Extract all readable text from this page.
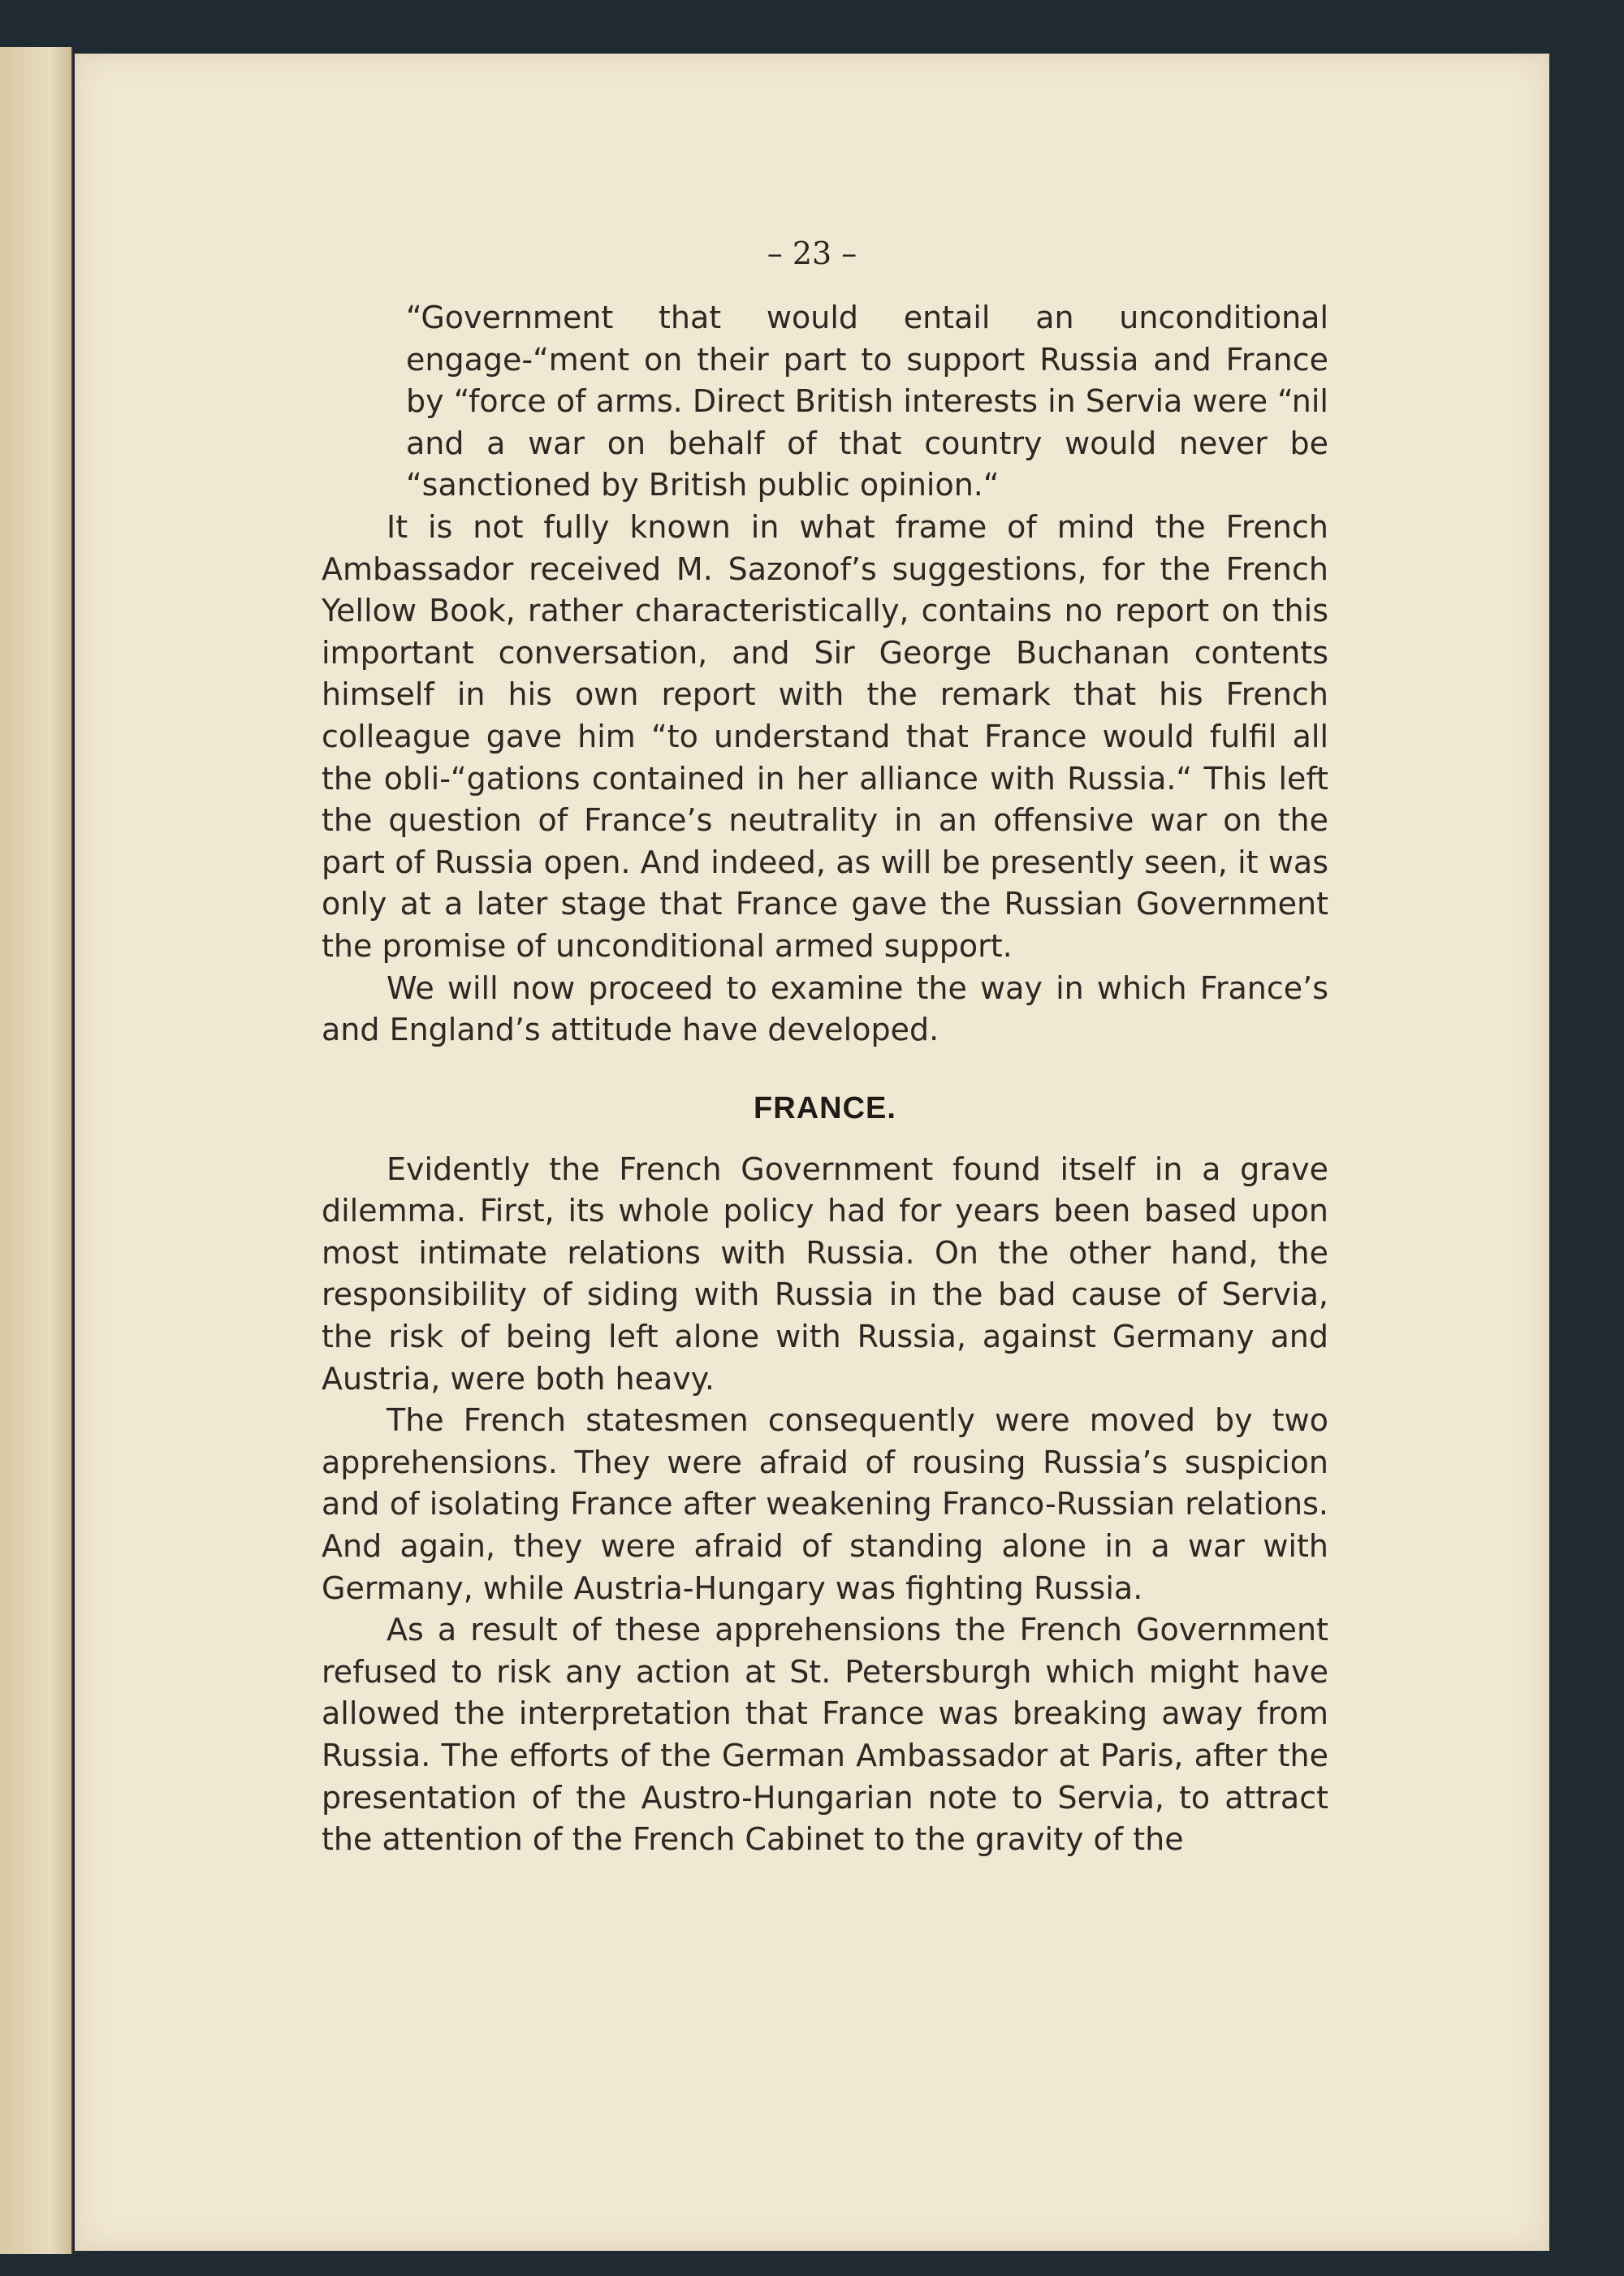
– 23 –

“Government that would entail an unconditional engage-“ment on their part to support Russia and France by “force of arms. Direct British interests in Servia were “nil and a war on behalf of that country would never be “sanctioned by British public opinion.“

It is not fully known in what frame of mind the French Ambassador received M. Sazonof’s suggestions, for the French Yellow Book, rather characteristically, contains no report on this important conversation, and Sir George Buchanan contents himself in his own report with the remark that his French colleague gave him “to understand that France would fulfil all the obli-“gations contained in her alliance with Russia.“ This left the question of France’s neutrality in an offensive war on the part of Russia open. And indeed, as will be presently seen, it was only at a later stage that France gave the Russian Government the promise of unconditional armed support.

We will now proceed to examine the way in which France’s and England’s attitude have developed.

FRANCE.

Evidently the French Government found itself in a grave dilemma. First, its whole policy had for years been based upon most intimate relations with Russia. On the other hand, the responsibility of siding with Russia in the bad cause of Servia, the risk of being left alone with Russia, against Germany and Austria, were both heavy.

The French statesmen consequently were moved by two apprehensions. They were afraid of rousing Russia’s suspicion and of isolating France after weakening Franco-Russian relations. And again, they were afraid of standing alone in a war with Germany, while Austria-Hungary was fighting Russia.

As a result of these apprehensions the French Government refused to risk any action at St. Petersburgh which might have allowed the interpretation that France was breaking away from Russia. The efforts of the German Ambassador at Paris, after the presentation of the Austro-Hungarian note to Servia, to attract the attention of the French Cabinet to the gravity of the
